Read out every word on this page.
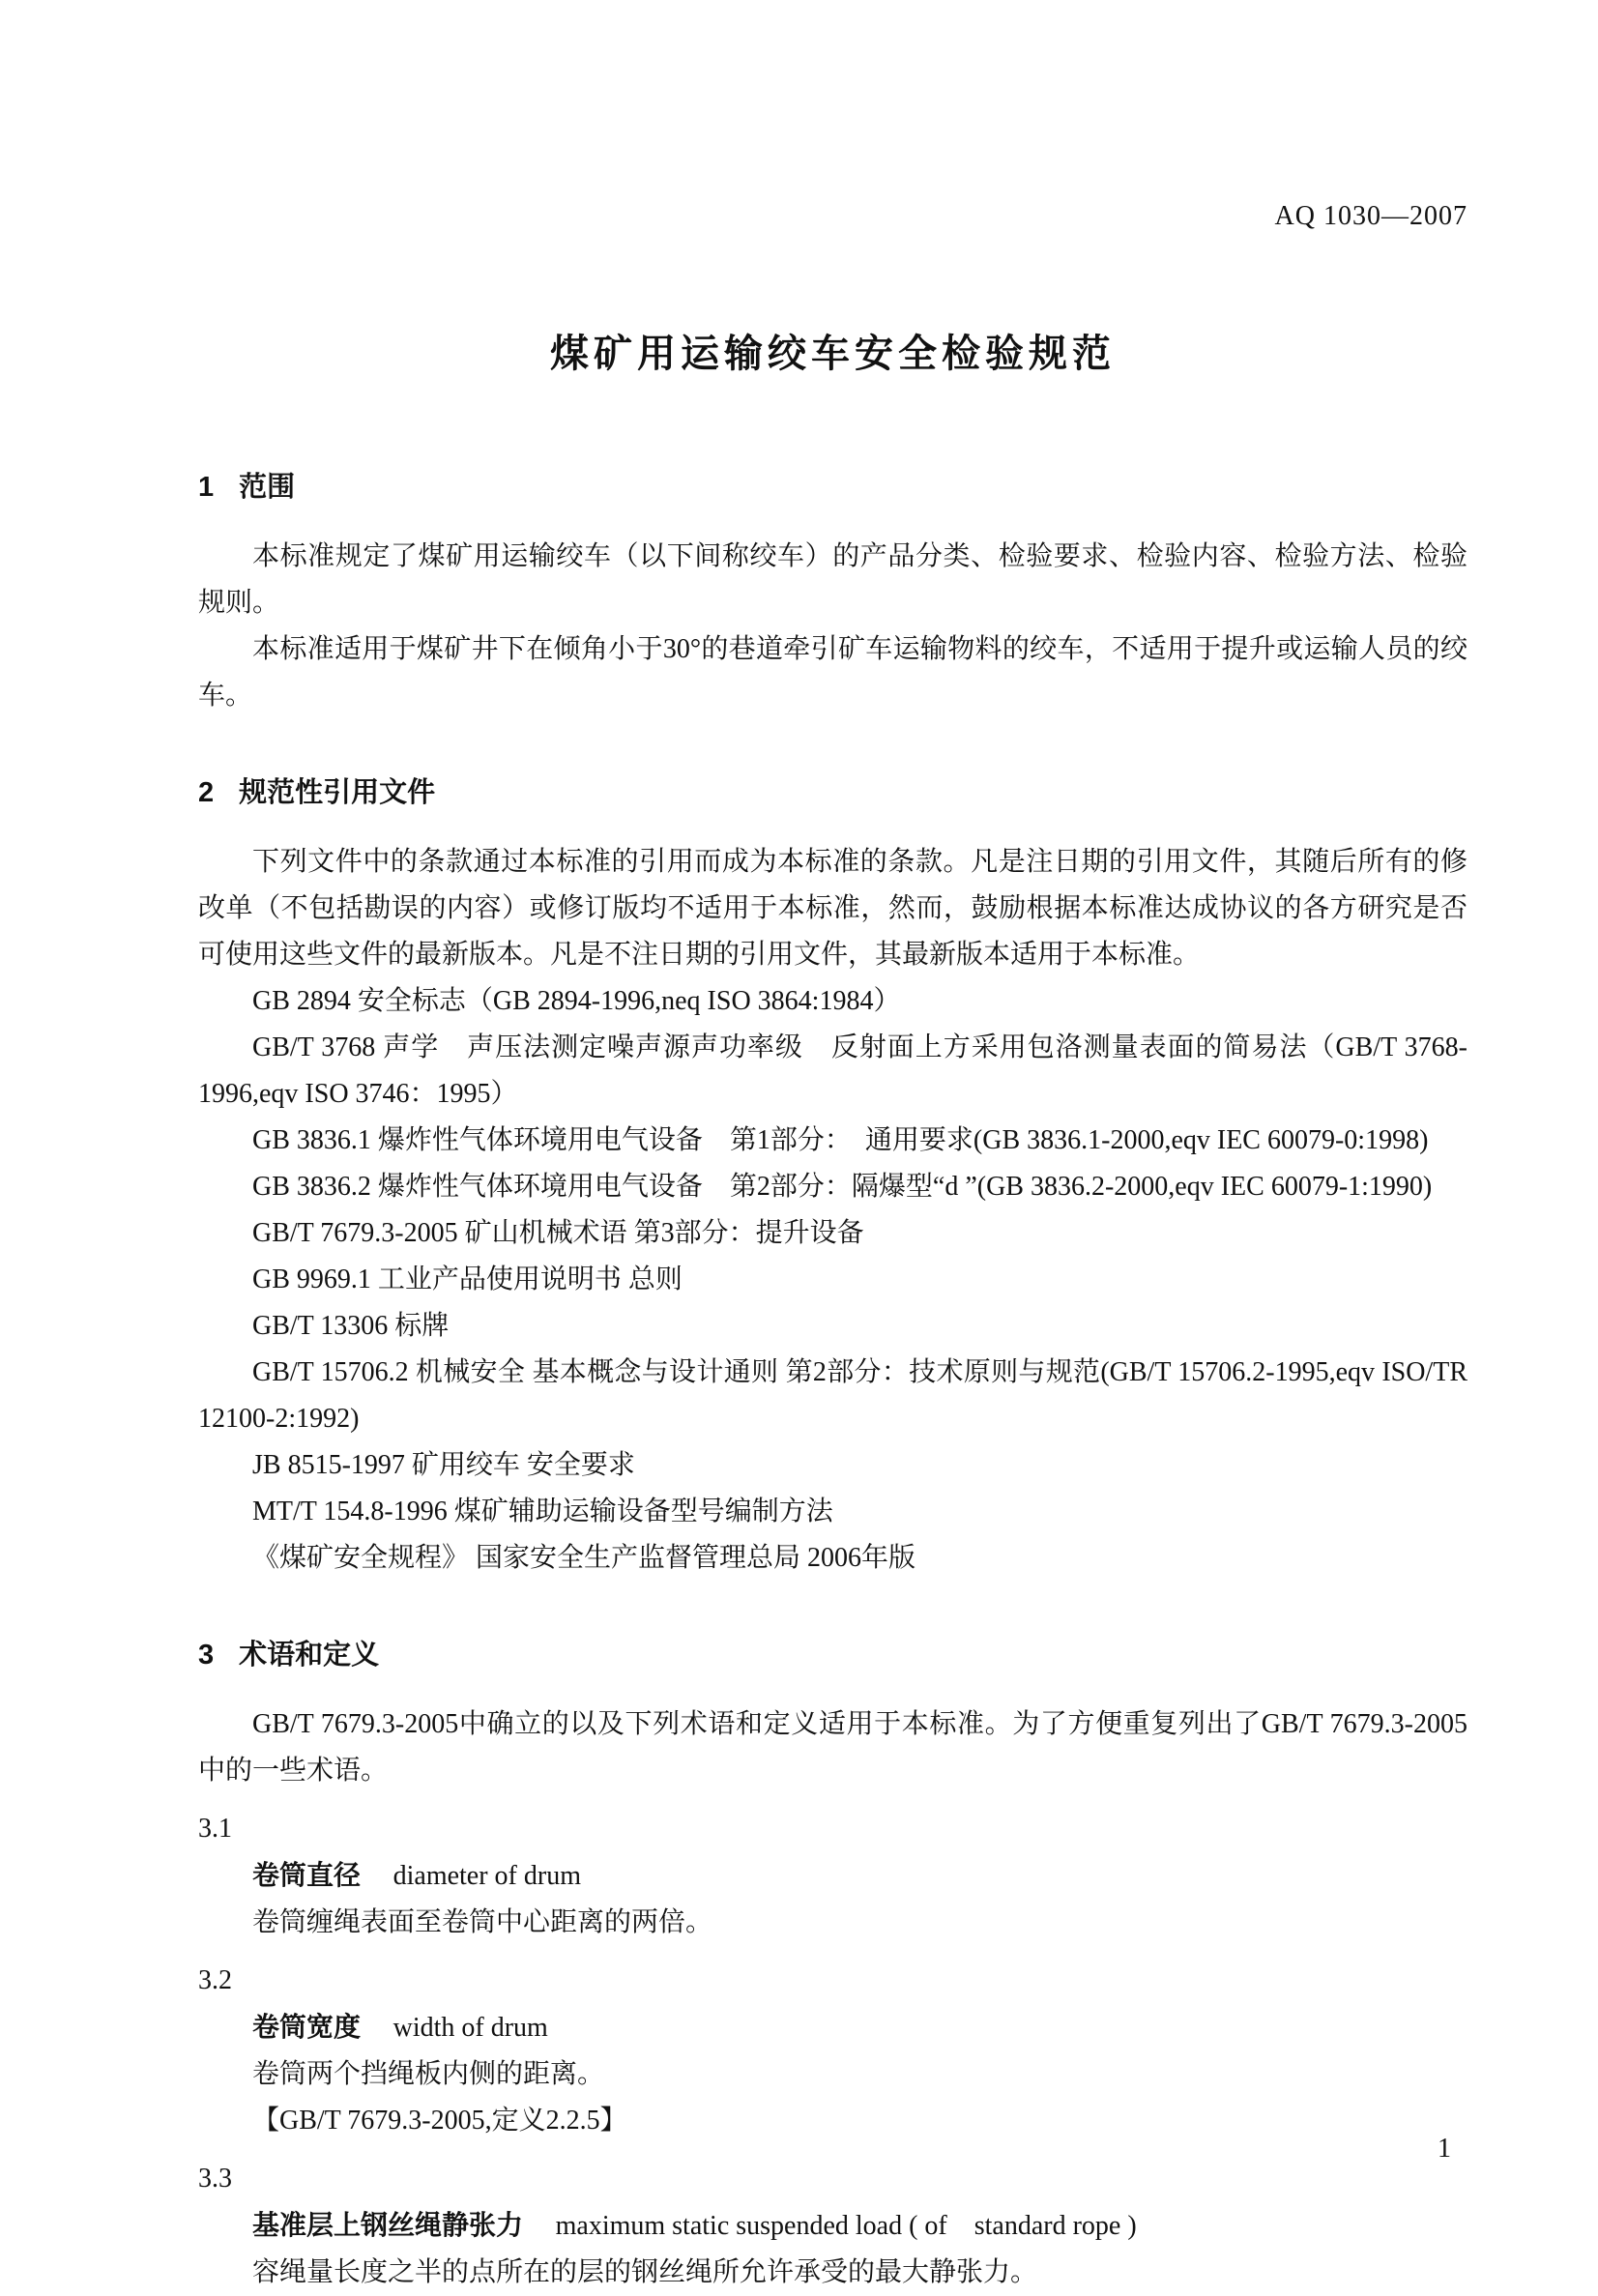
AQ 1030—2007
煤矿用运输绞车安全检验规范
1 范围

本标准规定了煤矿用运输绞车（以下间称绞车）的产品分类、检验要求、检验内容、检验方法、检验规则。

本标准适用于煤矿井下在倾角小于30°的巷道牵引矿车运输物料的绞车，不适用于提升或运输人员的绞车。

2 规范性引用文件

下列文件中的条款通过本标准的引用而成为本标准的条款。凡是注日期的引用文件，其随后所有的修改单（不包括勘误的内容）或修订版均不适用于本标准，然而，鼓励根据本标准达成协议的各方研究是否可使用这些文件的最新版本。凡是不注日期的引用文件，其最新版本适用于本标准。

GB 2894 安全标志（GB 2894-1996,neq ISO 3864:1984）

GB/T 3768 声学　声压法测定噪声源声功率级　反射面上方采用包洛测量表面的简易法（GB/T 3768-1996,eqv ISO 3746：1995）

GB 3836.1 爆炸性气体环境用电气设备　第1部分：　通用要求(GB 3836.1-2000,eqv IEC 60079-0:1998)

GB 3836.2 爆炸性气体环境用电气设备　第2部分：隔爆型“d ”(GB 3836.2-2000,eqv IEC 60079-1:1990)

GB/T 7679.3-2005 矿山机械术语 第3部分：提升设备

GB 9969.1 工业产品使用说明书 总则

GB/T 13306 标牌

GB/T 15706.2 机械安全 基本概念与设计通则 第2部分：技术原则与规范(GB/T 15706.2-1995,eqv ISO/TR 12100-2:1992)

JB 8515-1997 矿用绞车 安全要求

MT/T 154.8-1996 煤矿辅助运输设备型号编制方法

《煤矿安全规程》 国家安全生产监督管理总局 2006年版

3 术语和定义

GB/T 7679.3-2005中确立的以及下列术语和定义适用于本标准。为了方便重复列出了GB/T 7679.3-2005中的一些术语。

3.1

卷筒直径 diameter of drum

卷筒缠绳表面至卷筒中心距离的两倍。

3.2

卷筒宽度 width of drum

卷筒两个挡绳板内侧的距离。

【GB/T 7679.3-2005,定义2.2.5】

3.3

基准层上钢丝绳静张力 maximum static suspended load ( of　standard rope )

容绳量长度之半的点所在的层的钢丝绳所允许承受的最大静张力。

1
